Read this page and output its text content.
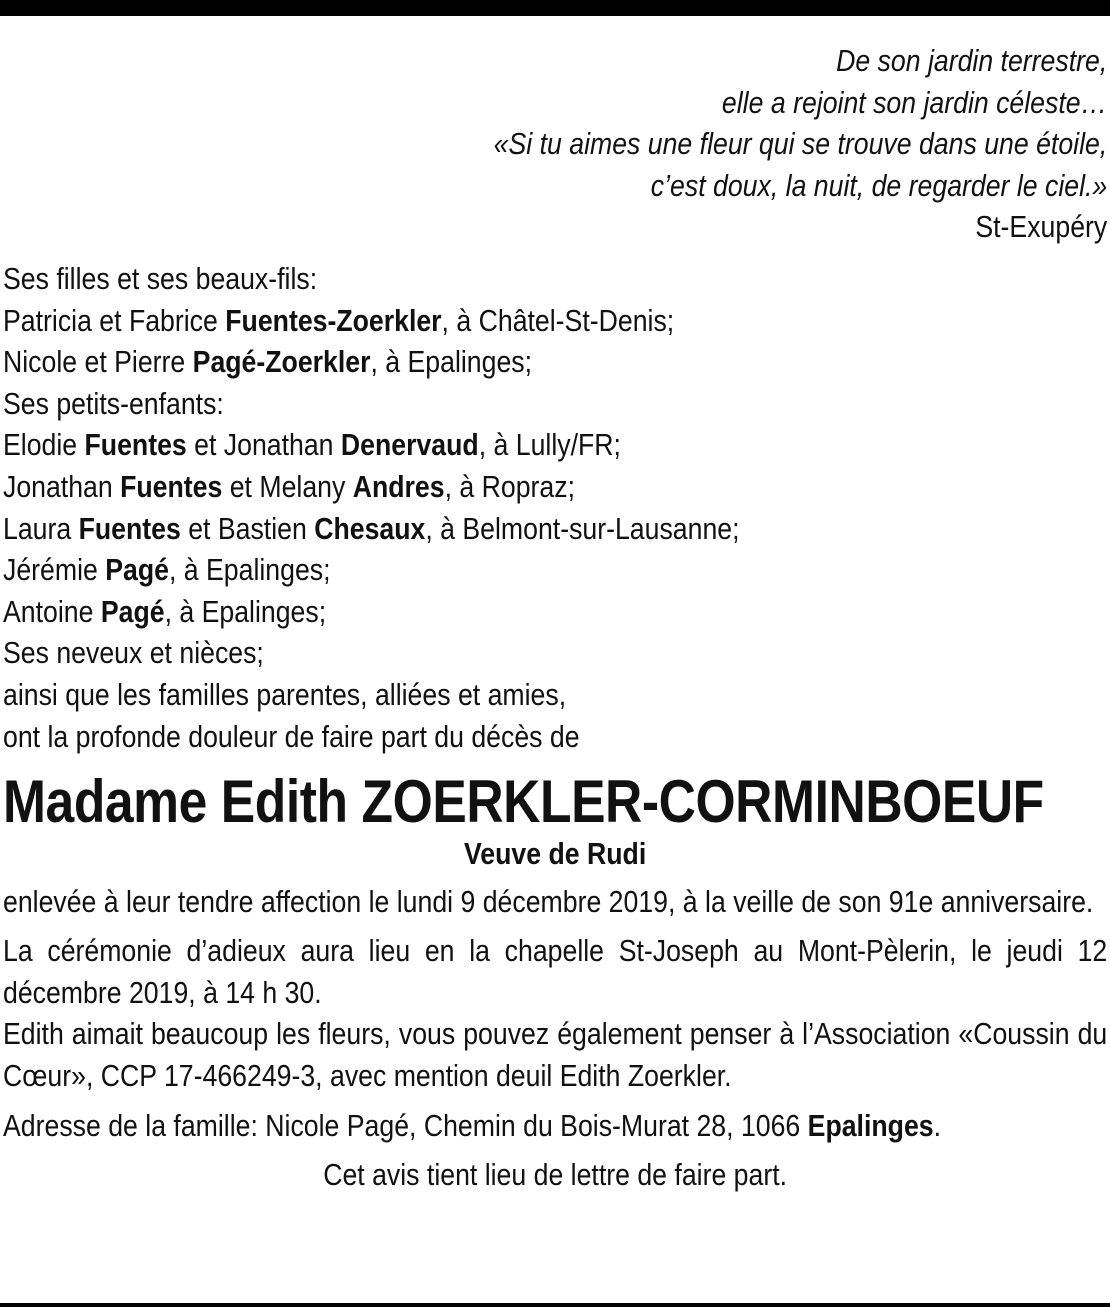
De son jardin terrestre,
elle a rejoint son jardin céleste…
«Si tu aimes une fleur qui se trouve dans une étoile,
c’est doux, la nuit, de regarder le ciel.»
St-Exupéry
Ses filles et ses beaux-fils:
Patricia et Fabrice Fuentes-Zoerkler, à Châtel-St-Denis;
Nicole et Pierre Pagé-Zoerkler, à Epalinges;
Ses petits-enfants:
Elodie Fuentes et Jonathan Denervaud, à Lully/FR;
Jonathan Fuentes et Melany Andres, à Ropraz;
Laura Fuentes et Bastien Chesaux, à Belmont-sur-Lausanne;
Jérémie Pagé, à Epalinges;
Antoine Pagé, à Epalinges;
Ses neveux et nièces;
ainsi que les familles parentes, alliées et amies,
ont la profonde douleur de faire part du décès de
Madame Edith ZOERKLER-CORMINBOEUF
Veuve de Rudi
enlevée à leur tendre affection le lundi 9 décembre 2019, à la veille de son 91e anniversaire.
La cérémonie d’adieux aura lieu en la chapelle St-Joseph au Mont-Pèlerin, le jeudi 12 décembre 2019, à 14 h 30.
Edith aimait beaucoup les fleurs, vous pouvez également penser à l’Association «Coussin du Cœur», CCP 17-466249-3, avec mention deuil Edith Zoerkler.
Adresse de la famille: Nicole Pagé, Chemin du Bois-Murat 28, 1066 Epalinges.
Cet avis tient lieu de lettre de faire part.
